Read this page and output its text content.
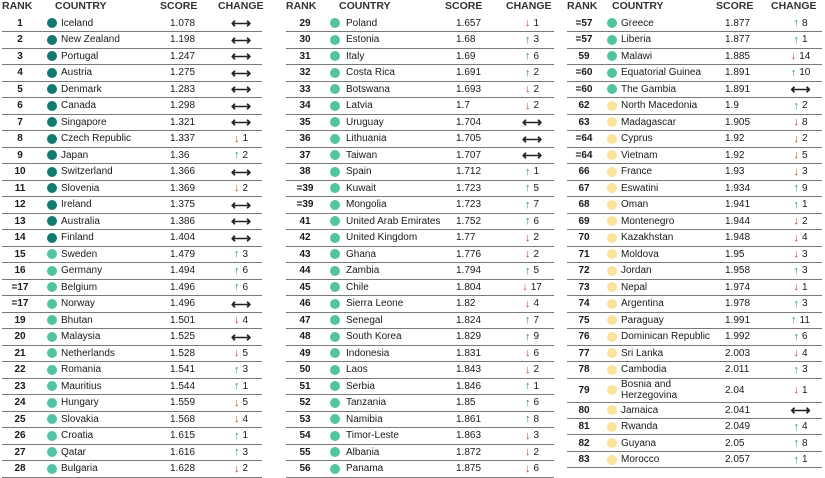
RANK COUNTRY	SCORE CHANGE
1	Iceland	1.078	⟷
2	New Zealand	1.198	⟷
3	Portugal	1.247	⟷
4	Austria	1.275	⟷
5	Denmark	1.283	⟷
6	Canada	1.298	⟷
7	Singapore	1.321	⟷
8	Czech Republic	1.337	↓ 1
9	Japan	1.36	↑ 2
10	Switzerland	1.366	⟷
11	Slovenia	1.369	↓ 2
12	Ireland	1.375	⟷
13	Australia	1.386	⟷
14	Finland	1.404	⟷
15	Sweden	1.479	↑ 3
16	Germany	1.494	↑ 6
=17	Belgium	1.496	↑ 6
=17	Norway	1.496	⟷
19	Bhutan	1.501	↓ 4
20	Malaysia	1.525	⟷
21	Netherlands	1.528	↓ 5
22	Romania	1.541	↑ 3
23	Mauritius	1.544	↑ 1
24	Hungary	1.559	↓ 5
25	Slovakia	1.568	↓ 4
26	Croatia	1.615	↑ 1
27	Qatar	1.616	↑ 3
28	Bulgaria	1.628	↓ 2
RANK COUNTRY	SCORE CHANGE
29	Poland	1.657	↓ 1
30	Estonia	1.68	↑ 3
31	Italy	1.69	↑ 6
32	Costa Rica	1.691	↑ 2
33	Botswana	1.693	↓ 2
34	Latvia	1.7	↓ 2
35	Uruguay	1.704	⟷
36	Lithuania	1.705	⟷
37	Taiwan	1.707	⟷
38	Spain	1.712	↑ 1
=39	Kuwait	1.723	↑ 5
=39	Mongolia	1.723	↑ 7
41	United Arab Emirates 1.752	↑ 6
42	United Kingdom	1.77	↓ 2
43	Ghana	1.776	↓ 2
44	Zambia	1.794	↑ 5
45	Chile	1.804	↓ 17
46	Sierra Leone	1.82	↓ 4
47	Senegal	1.824	↑ 7
48	South Korea	1.829	↑ 9
49	Indonesia	1.831	↓ 6
50	Laos	1.843	↓ 2
51	Serbia	1.846	↑ 1
52	Tanzania	1.85	↑ 6
53	Namibia	1.861	↑ 8
54	Timor-Leste	1.863	↓ 3
55	Albania	1.872	↓ 2
56	Panama	1.875	↓ 6
RANK COUNTRY	SCORE CHANGE
=57	Greece	1.877	↑ 8
=57	Liberia	1.877	↑ 1
59	Malawi	1.885	↓ 14
=60	Equatorial Guinea 1.891	↑ 10
=60	The Gambia	1.891	⟷
62	North Macedonia	1.9	↑ 2
63	Madagascar	1.905	↓ 8
=64	Cyprus	1.92	↓ 2
=64	Vietnam	1.92	↓ 5
66	France	1.93	↓ 3
67	Eswatini	1.934	↑ 9
68	Oman	1.941	↑ 1
69	Montenegro	1.944	↓ 2
70	Kazakhstan	1.948	↓ 4
71	Moldova	1.95	↓ 3
72	Jordan	1.958	↑ 3
73	Nepal	1.974	↓ 1
74	Argentina	1.978	↑ 3
75	Paraguay	1.991	↑ 11
76	Dominican Republic 1.992	↑ 6
77	Sri Lanka	2.003	↓ 4
78	Cambodia	2.011	↑ 3
79	Bosnia and Herzegovina	2.04	↓ 1
80	Jamaica	2.041	⟷
81	Rwanda	2.049	↑ 4
82	Guyana	2.05	↑ 8
83	Morocco	2.057	↑ 1
